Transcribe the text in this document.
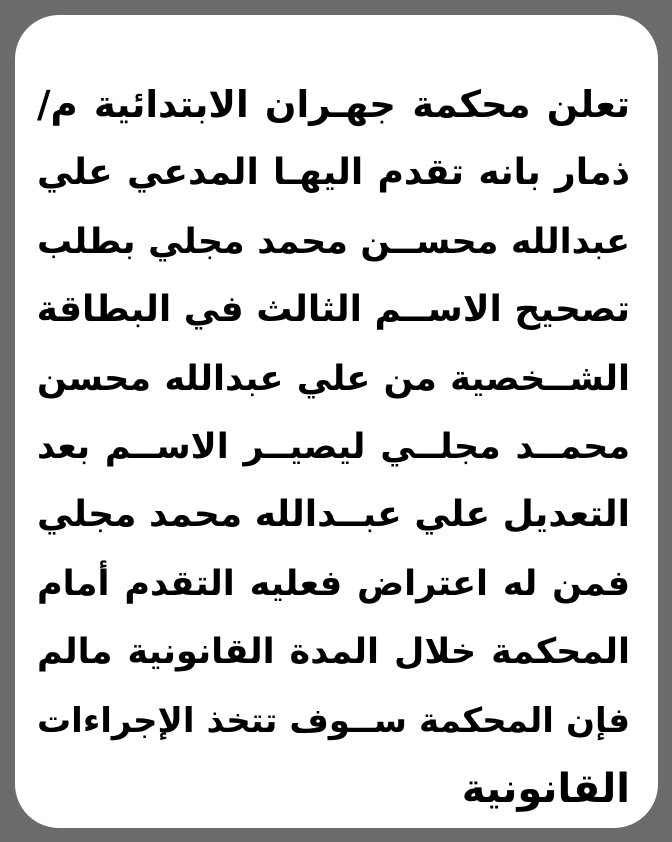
تعلن محكمة جهـران الابتدائية م/
ذمار بانه تقدم اليهـا المدعي علي
عبدالله محســن محمد مجلي بطلب
تصحيح الاســم الثالث في البطاقة
الشــخصية من علي عبدالله محسن
محمــد مجلــي ليصيــر الاســم بعد
التعديل علي عبــدالله محمد مجلي
فمن له اعتراض فعليه التقدم أمام
المحكمة خلال المدة القانونية مالم
فإن المحكمة ســوف تتخذ الإجراءات
القانونية
